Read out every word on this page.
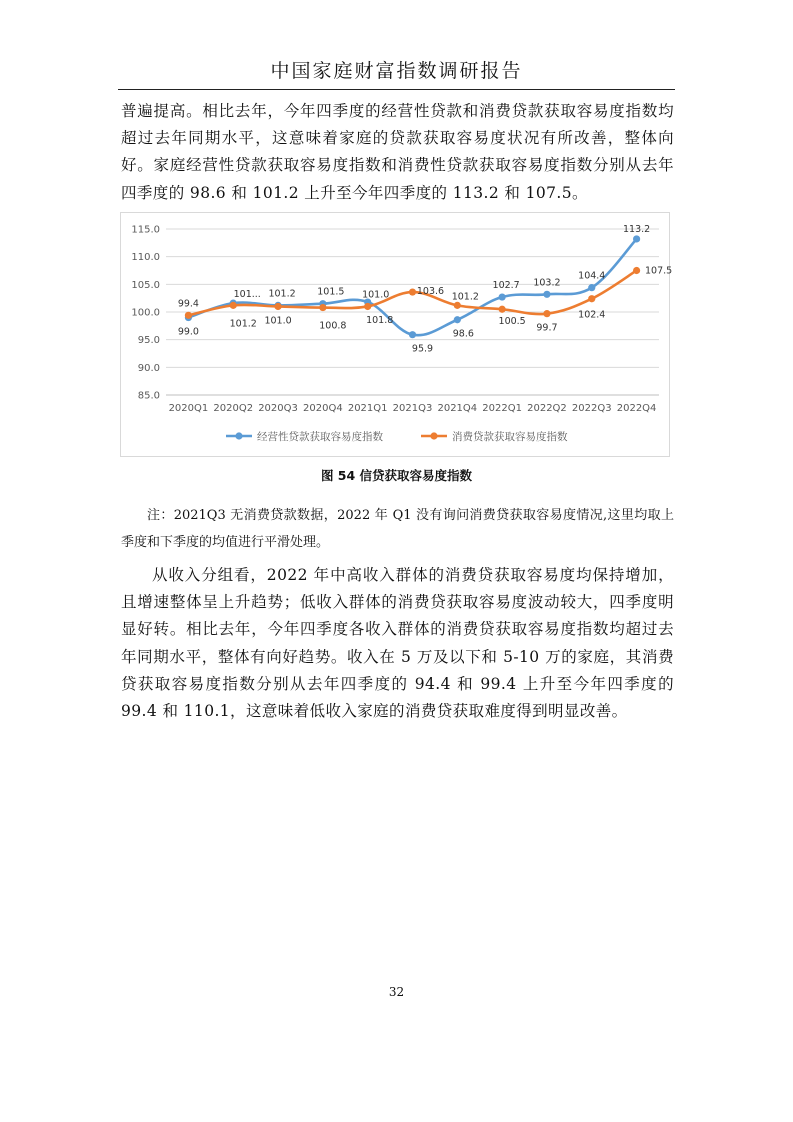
中国家庭财富指数调研报告

普遍提高。相比去年，今年四季度的经营性贷款和消费贷款获取容易度指数均超过去年同期水平，这意味着家庭的贷款获取容易度状况有所改善，整体向好。家庭经营性贷款获取容易度指数和消费性贷款获取容易度指数分别从去年四季度的 98.6 和 101.2 上升至今年四季度的 113.2 和 107.5。

115.0
110.0
105.0
100.0
95.0
90.0
85.0
2020Q1 2020Q2 2020Q3 2020Q4 2021Q1 2021Q3 2021Q4 2022Q1 2022Q2 2022Q3 2022Q4
99.0
101... 101.2 101.5
101.8
95.9
98.6
102.7 103.2
104.4
113.2
99.4
101.2 101.0	100.8
101.0	103.6 101.2
100.5
99.7
102.4
107.5
经营性贷款获取容易度指数	消费贷款获取容易度指数
图 54 信贷获取容易度指数

注：2021Q3 无消费贷款数据，2022 年 Q1 没有询问消费贷获取容易度情况,这里均取上季度和下季度的均值进行平滑处理。

从收入分组看，2022 年中高收入群体的消费贷获取容易度均保持增加，且增速整体呈上升趋势；低收入群体的消费贷获取容易度波动较大，四季度明显好转。相比去年，今年四季度各收入群体的消费贷获取容易度指数均超过去年同期水平，整体有向好趋势。收入在 5 万及以下和 5-10 万的家庭，其消费贷获取容易度指数分别从去年四季度的 94.4 和 99.4 上升至今年四季度的 99.4 和 110.1，这意味着低收入家庭的消费贷获取难度得到明显改善。

32
